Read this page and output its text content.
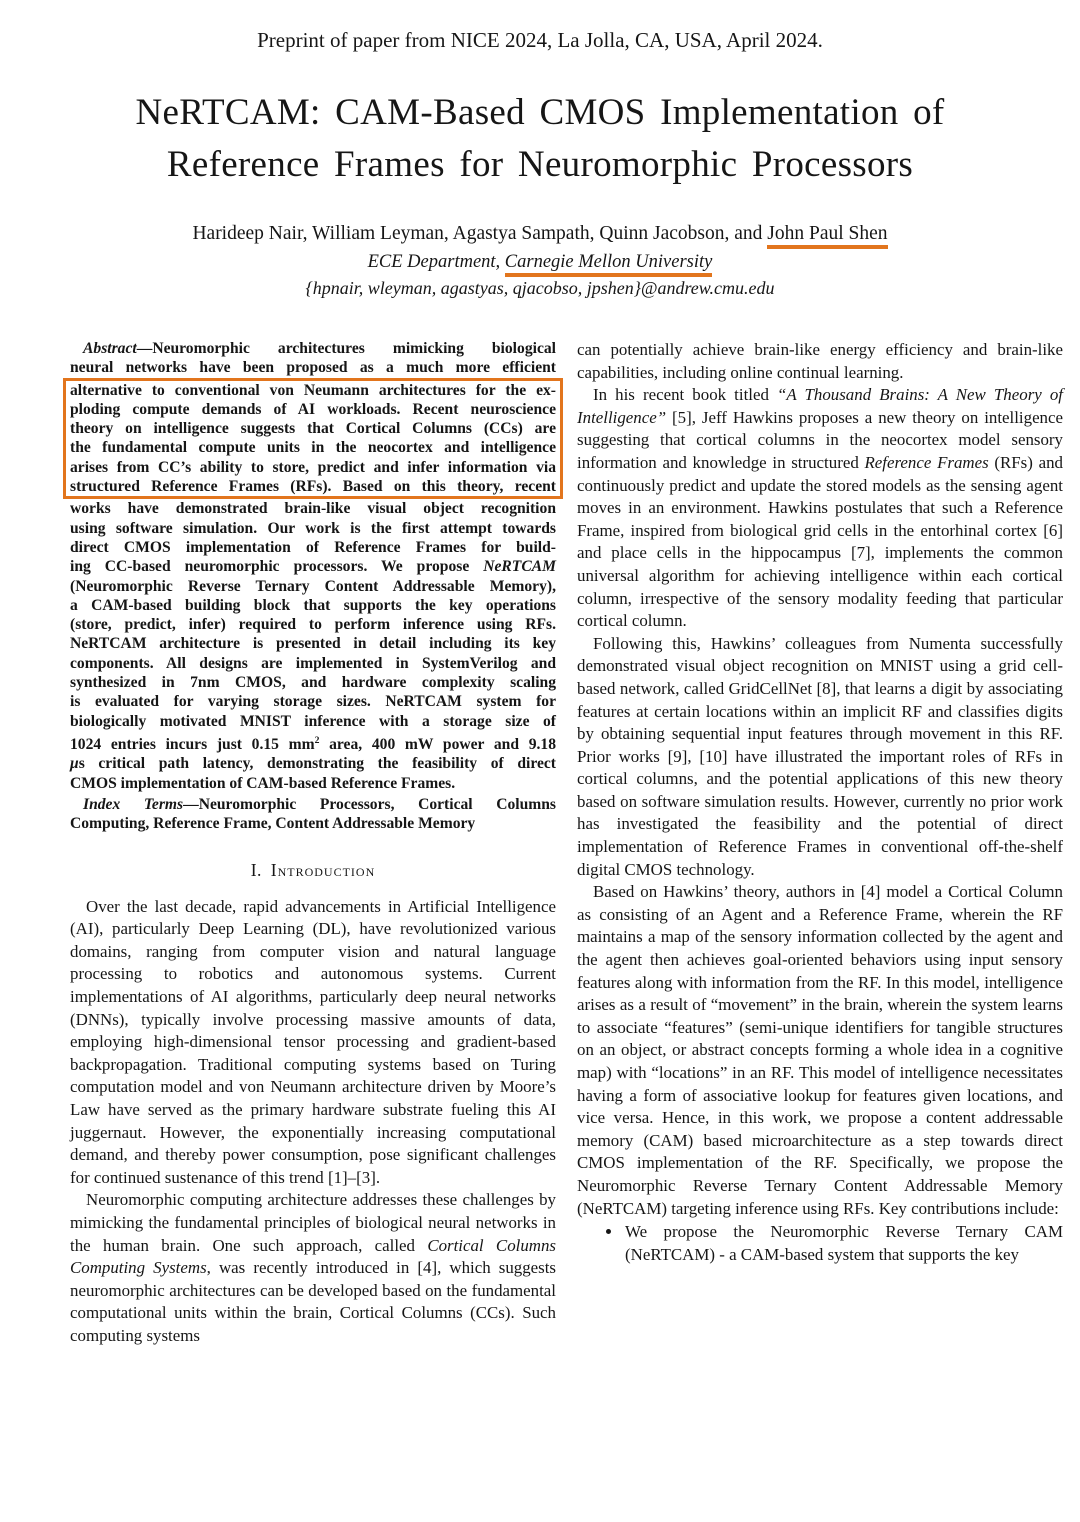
Preprint of paper from NICE 2024, La Jolla, CA, USA, April 2024.
NeRTCAM: CAM-Based CMOS Implementation of
Reference Frames for Neuromorphic Processors
Harideep Nair, William Leyman, Agastya Sampath, Quinn Jacobson, and John Paul Shen
ECE Department, Carnegie Mellon University
{hpnair, wleyman, agastyas, qjacobso, jpshen}@andrew.cmu.edu
Abstract—Neuromorphic architectures mimicking biological
neural networks have been proposed as a much more efficient
alternative to conventional von Neumann architectures for the ex-
ploding compute demands of AI workloads. Recent neuroscience
theory on intelligence suggests that Cortical Columns (CCs) are
the fundamental compute units in the neocortex and intelligence
arises from CC’s ability to store, predict and infer information via
structured Reference Frames (RFs). Based on this theory, recent
works have demonstrated brain-like visual object recognition
using software simulation. Our work is the first attempt towards
direct CMOS implementation of Reference Frames for build-
ing CC-based neuromorphic processors. We propose NeRTCAM
(Neuromorphic Reverse Ternary Content Addressable Memory),
a CAM-based building block that supports the key operations
(store, predict, infer) required to perform inference using RFs.
NeRTCAM architecture is presented in detail including its key
components. All designs are implemented in SystemVerilog and
synthesized in 7nm CMOS, and hardware complexity scaling
is evaluated for varying storage sizes. NeRTCAM system for
biologically motivated MNIST inference with a storage size of
1024 entries incurs just 0.15 $mm^2$ area, 400 mW power and 9.18
μs critical path latency, demonstrating the feasibility of direct
CMOS implementation of CAM-based Reference Frames.

Index Terms—Neuromorphic Processors, Cortical Columns Computing, Reference Frame, Content Addressable Memory

I. Introduction

Over the last decade, rapid advancements in Artificial Intelligence (AI), particularly Deep Learning (DL), have revolutionized various domains, ranging from computer vision and natural language processing to robotics and autonomous systems. Current implementations of AI algorithms, particularly deep neural networks (DNNs), typically involve processing massive amounts of data, employing high-dimensional tensor processing and gradient-based backpropagation. Traditional computing systems based on Turing computation model and von Neumann architecture driven by Moore’s Law have served as the primary hardware substrate fueling this AI juggernaut. However, the exponentially increasing computational demand, and thereby power consumption, pose significant challenges for continued sustenance of this trend [1]–[3].

Neuromorphic computing architecture addresses these challenges by mimicking the fundamental principles of biological neural networks in the human brain. One such approach, called Cortical Columns Computing Systems, was recently introduced in [4], which suggests neuromorphic architectures can be developed based on the fundamental computational units within the brain, Cortical Columns (CCs). Such computing systems

can potentially achieve brain-like energy efficiency and brain-like capabilities, including online continual learning.

In his recent book titled “A Thousand Brains: A New Theory of Intelligence” [5], Jeff Hawkins proposes a new theory on intelligence suggesting that cortical columns in the neocortex model sensory information and knowledge in structured Reference Frames (RFs) and continuously predict and update the stored models as the sensing agent moves in an environment. Hawkins postulates that such a Reference Frame, inspired from biological grid cells in the entorhinal cortex [6] and place cells in the hippocampus [7], implements the common universal algorithm for achieving intelligence within each cortical column, irrespective of the sensory modality feeding that particular cortical column.

Following this, Hawkins’ colleagues from Numenta successfully demonstrated visual object recognition on MNIST using a grid cell-based network, called GridCellNet [8], that learns a digit by associating features at certain locations within an implicit RF and classifies digits by obtaining sequential input features through movement in this RF. Prior works [9], [10] have illustrated the important roles of RFs in cortical columns, and the potential applications of this new theory based on software simulation results. However, currently no prior work has investigated the feasibility and the potential of direct implementation of Reference Frames in conventional off-the-shelf digital CMOS technology.

Based on Hawkins’ theory, authors in [4] model a Cortical Column as consisting of an Agent and a Reference Frame, wherein the RF maintains a map of the sensory information collected by the agent and the agent then achieves goal-oriented behaviors using input sensory features along with information from the RF. In this model, intelligence arises as a result of “movement” in the brain, wherein the system learns to associate “features” (semi-unique identifiers for tangible structures on an object, or abstract concepts forming a whole idea in a cognitive map) with “locations” in an RF. This model of intelligence necessitates having a form of associative lookup for features given locations, and vice versa. Hence, in this work, we propose a content addressable memory (CAM) based microarchitecture as a step towards direct CMOS implementation of the RF. Specifically, we propose the Neuromorphic Reverse Ternary Content Addressable Memory (NeRTCAM) targeting inference using RFs. Key contributions include:

• We propose the Neuromorphic Reverse Ternary CAM (NeRTCAM) - a CAM-based system that supports the key
